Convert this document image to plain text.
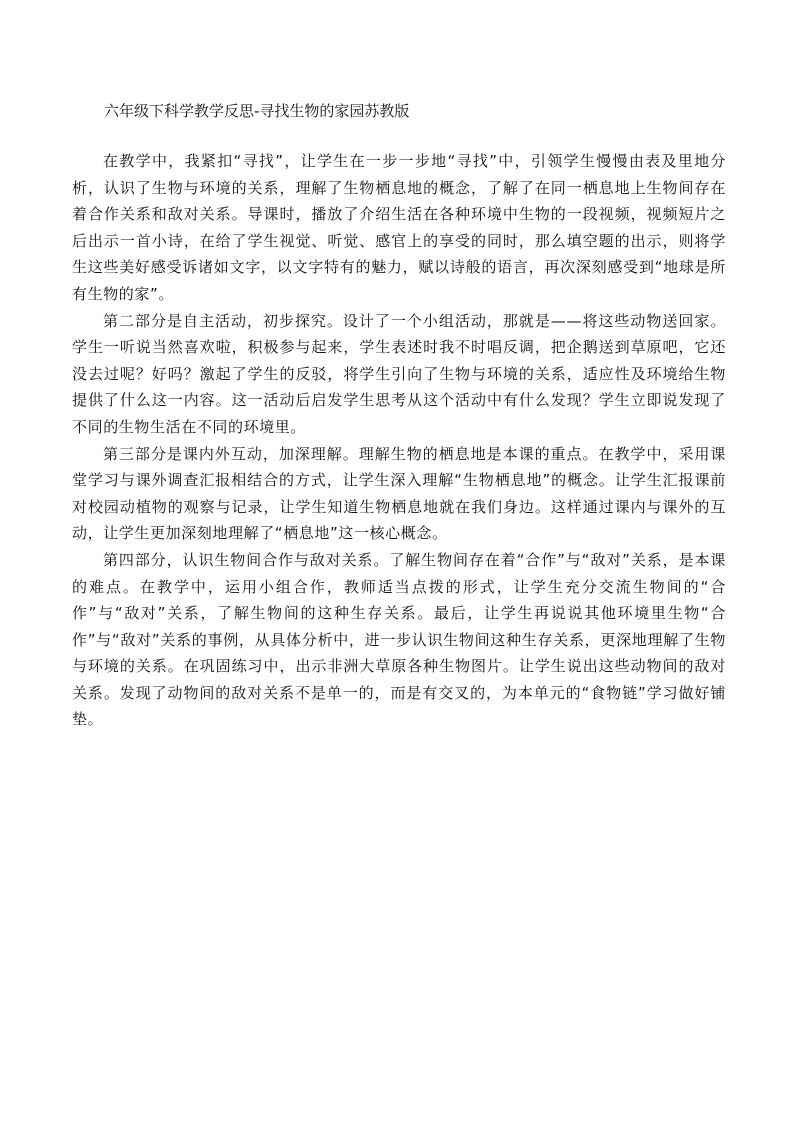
六年级下科学教学反思-寻找生物的家园苏教版

在教学中，我紧扣“寻找”，让学生在一步一步地“寻找”中，引领学生慢慢由表及里地分析，认识了生物与环境的关系，理解了生物栖息地的概念，了解了在同一栖息地上生物间存在着合作关系和敌对关系。导课时，播放了介绍生活在各种环境中生物的一段视频，视频短片之后出示一首小诗，在给了学生视觉、听觉、感官上的享受的同时，那么填空题的出示，则将学生这些美好感受诉诸如文字，以文字特有的魅力，赋以诗般的语言，再次深刻感受到“地球是所有生物的家”。

第二部分是自主活动，初步探究。设计了一个小组活动，那就是——将这些动物送回家。学生一听说当然喜欢啦，积极参与起来，学生表述时我不时唱反调，把企鹅送到草原吧，它还没去过呢？好吗？激起了学生的反驳，将学生引向了生物与环境的关系，适应性及环境给生物提供了什么这一内容。这一活动后启发学生思考从这个活动中有什么发现？学生立即说发现了不同的生物生活在不同的环境里。

第三部分是课内外互动，加深理解。理解生物的栖息地是本课的重点。在教学中，采用课堂学习与课外调查汇报相结合的方式，让学生深入理解“生物栖息地”的概念。让学生汇报课前对校园动植物的观察与记录，让学生知道生物栖息地就在我们身边。这样通过课内与课外的互动，让学生更加深刻地理解了“栖息地”这一核心概念。

第四部分，认识生物间合作与敌对关系。了解生物间存在着“合作”与“敌对”关系，是本课的难点。在教学中，运用小组合作，教师适当点拨的形式，让学生充分交流生物间的“合作”与“敌对”关系，了解生物间的这种生存关系。最后，让学生再说说其他环境里生物“合作”与“敌对”关系的事例，从具体分析中，进一步认识生物间这种生存关系，更深地理解了生物与环境的关系。在巩固练习中，出示非洲大草原各种生物图片。让学生说出这些动物间的敌对关系。发现了动物间的敌对关系不是单一的，而是有交叉的，为本单元的“食物链”学习做好铺垫。
